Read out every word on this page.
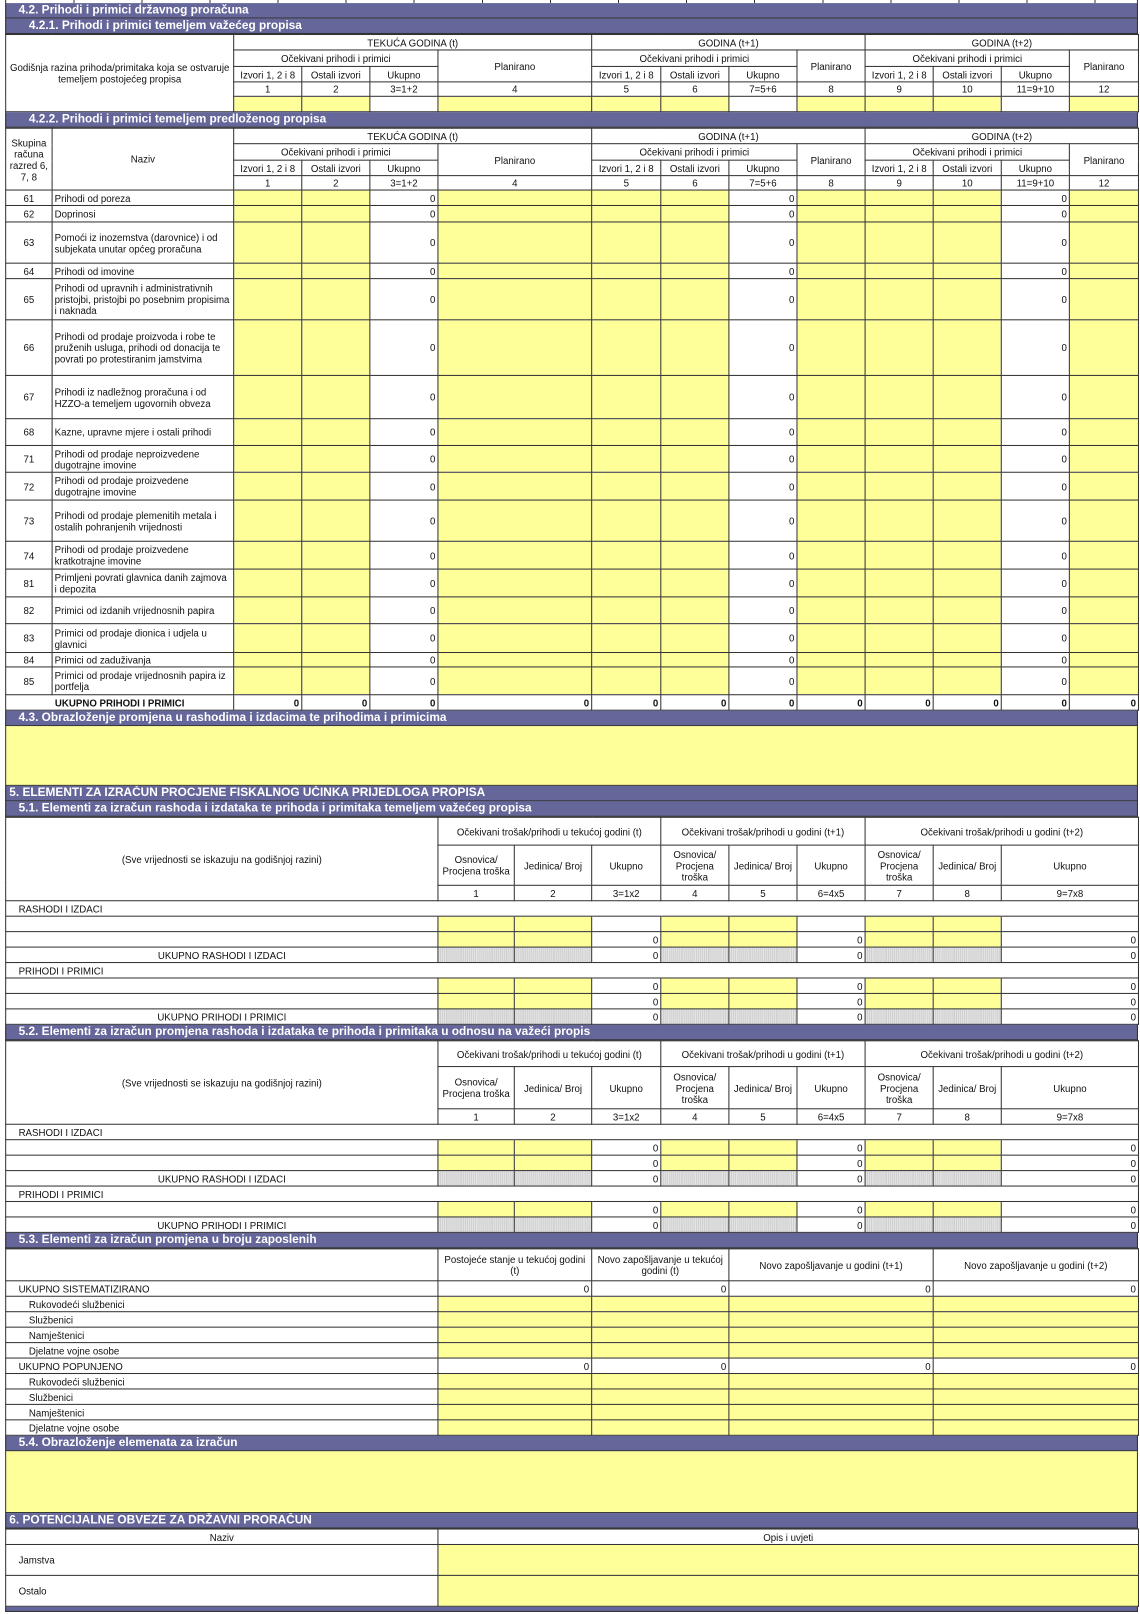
4.2. Prihodi i primici državnog proračuna
4.2.1. Prihodi i primici temeljem važećeg propisa
Godišnja razina prihoda/primitaka koja se ostvaruje temeljem postojećeg propisa	TEKUĆA GODINA (t)				GODINA (t+1)				GODINA (t+2)			
	Očekivani prihodi i primici			Planirano	Očekivani prihodi i primici			Planirano	Očekivani prihodi i primici			Planirano
	Izvori 1, 2 i 8	Ostali izvori	Ukupno		Izvori 1, 2 i 8	Ostali izvori	Ukupno		Izvori 1, 2 i 8	Ostali izvori	Ukupno	
	1	2	3=1+2	4	5	6	7=5+6	8	9	10	11=9+10	12

4.2.2. Prihodi i primici temeljem predloženog propisa
Skupina računa razred 6, 7, 8	Naziv	TEKUĆA GODINA (t)				GODINA (t+1)				GODINA (t+2)			
		Očekivani prihodi i primici			Planirano	Očekivani prihodi i primici			Planirano	Očekivani prihodi i primici			Planirano
		Izvori 1, 2 i 8	Ostali izvori	Ukupno		Izvori 1, 2 i 8	Ostali izvori	Ukupno		Izvori 1, 2 i 8	Ostali izvori	Ukupno	
		1	2	3=1+2	4	5	6	7=5+6	8	9	10	11=9+10	12
61	Prihodi od poreza			0				0				0	
62	Doprinosi			0				0				0	
63	Pomoći iz inozemstva (darovnice) i od subjekata unutar općeg proračuna			0				0				0	
64	Prihodi od imovine			0				0				0	
65	Prihodi od upravnih i administrativnih pristojbi, pristojbi po posebnim propisima i naknada			0				0				0	
66	Prihodi od prodaje proizvoda i robe te pruženih usluga, prihodi od donacija te povrati po protestiranim jamstvima			0				0				0	
67	Prihodi iz nadležnog proračuna i od HZZO-a temeljem ugovornih obveza			0				0				0	
68	Kazne, upravne mjere i ostali prihodi			0				0				0	
71	Prihodi od prodaje neproizvedene dugotrajne imovine			0				0				0	
72	Prihodi od prodaje proizvedene dugotrajne imovine			0				0				0	
73	Prihodi od prodaje plemenitih metala i ostalih pohranjenih vrijednosti			0				0				0	
74	Prihodi od prodaje proizvedene kratkotrajne imovine			0				0				0	
81	Primljeni povrati glavnica danih zajmova i depozita			0				0				0	
82	Primici od izdanih vrijednosnih papira			0				0				0	
83	Primici od prodaje dionica i udjela u glavnici			0				0				0	
84	Primici od zaduživanja			0				0				0	
85	Primici od prodaje vrijednosnih papira iz portfelja			0				0				0	
UKUPNO PRIHODI I PRIMICI		0	0	0	0	0	0	0	0	0	0	0	0
4.3. Obrazloženje promjena u rashodima i izdacima te prihodima i primicima
5. ELEMENTI ZA IZRAČUN PROCJENE FISKALNOG UČINKA PRIJEDLOGA PROPISA
5.1. Elementi za izračun rashoda i izdataka te prihoda i primitaka temeljem važećeg propisa
(Sve vrijednosti se iskazuju na godišnjoj razini)	Očekivani trošak/prihodi u tekućoj godini (t)			Očekivani trošak/prihodi u godini (t+1)			Očekivani trošak/prihodi u godini (t+2)		
	Osnovica/ Procjena troška	Jedinica/ Broj	Ukupno	Osnovica/ Procjena troška	Jedinica/ Broj	Ukupno	Osnovica/ Procjena troška	Jedinica/ Broj	Ukupno
	1	2	3=1x2	4	5	6=4x5	7	8	9=7x8
RASHODI I IZDACI									

			0			0			0
UKUPNO RASHODI I IZDACI			0			0			0
PRIHODI I PRIMICI									
			0			0			0
			0			0			0
UKUPNO PRIHODI I PRIMICI			0			0			0
5.2. Elementi za izračun promjena rashoda i izdataka te prihoda i primitaka u odnosu na važeći propis
(Sve vrijednosti se iskazuju na godišnjoj razini)	Očekivani trošak/prihodi u tekućoj godini (t)			Očekivani trošak/prihodi u godini (t+1)			Očekivani trošak/prihodi u godini (t+2)		
	Osnovica/ Procjena troška	Jedinica/ Broj	Ukupno	Osnovica/ Procjena troška	Jedinica/ Broj	Ukupno	Osnovica/ Procjena troška	Jedinica/ Broj	Ukupno
	1	2	3=1x2	4	5	6=4x5	7	8	9=7x8
RASHODI I IZDACI									
			0			0			0
			0			0			0
UKUPNO RASHODI I IZDACI			0			0			0
PRIHODI I PRIMICI									
			0			0			0
UKUPNO PRIHODI I PRIMICI			0			0			0
5.3. Elementi za izračun promjena u broju zaposlenih
	Postojeće stanje u tekućoj godini (t)	Novo zapošljavanje u tekućoj godini (t)	Novo zapošljavanje u godini (t+1)	Novo zapošljavanje u godini (t+2)
UKUPNO SISTEMATIZIRANO	0	0	0	0
Rukovodeći službenici				
Službenici				
Namještenici				
Djelatne vojne osobe				
UKUPNO POPUNJENO	0	0	0	0
Rukovodeći službenici				
Službenici				
Namještenici				
Djelatne vojne osobe				
5.4. Obrazloženje elemenata za izračun
6. POTENCIJALNE OBVEZE ZA DRŽAVNI PRORAČUN
Naziv	Opis i uvjeti
Jamstva	
Ostalo	
